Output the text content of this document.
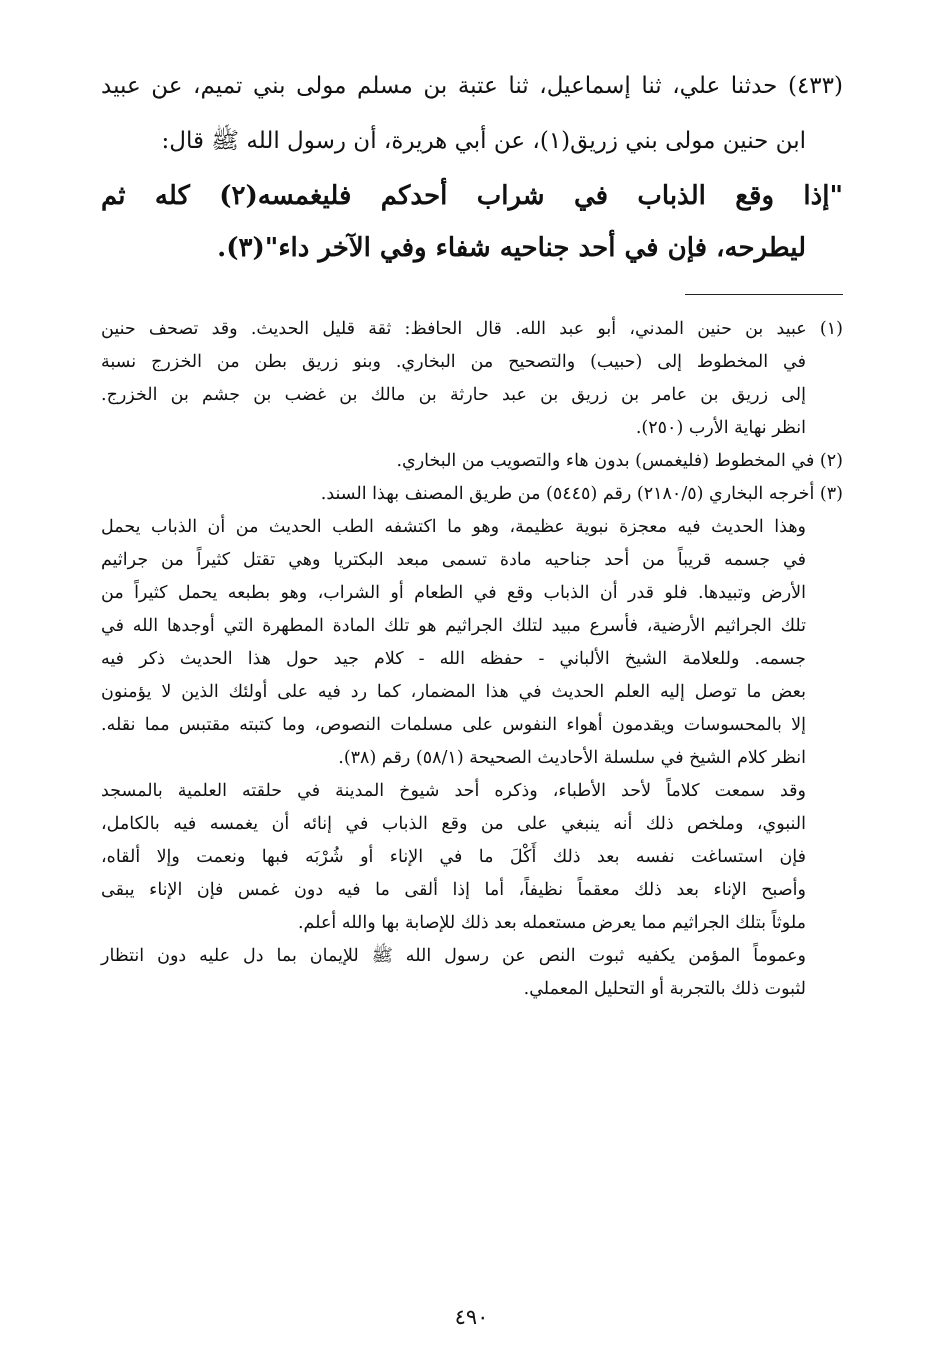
(٤٣٣) حدثنا علي، ثنا إسماعيل، ثنا عتبة بن مسلم مولى بني تميم، عن عبيد
ابن حنين مولى بني زريق(١)، عن أبي هريرة، أن رسول الله ﷺ قال:
"إذا وقع الذباب في شراب أحدكم فليغمسه(٢) كله ثم
ليطرحه، فإن في أحد جناحيه شفاء وفي الآخر داء"(٣).
(١) عبيد بن حنين المدني، أبو عبد الله. قال الحافظ: ثقة قليل الحديث. وقد تصحف حنين
في المخطوط إلى (حبيب) والتصحيح من البخاري. وبنو زريق بطن من الخزرج نسبة
إلى زريق بن عامر بن زريق بن عبد حارثة بن مالك بن غضب بن جشم بن الخزرج.
انظر نهاية الأرب (٢٥٠).
(٢) في المخطوط (فليغمس) بدون هاء والتصويب من البخاري.
(٣) أخرجه البخاري (٢١٨٠/٥) رقم (٥٤٤٥) من طريق المصنف بهذا السند.
وهذا الحديث فيه معجزة نبوية عظيمة، وهو ما اكتشفه الطب الحديث من أن الذباب يحمل
في جسمه قريباً من أحد جناحيه مادة تسمى مبعد البكتريا وهي تقتل كثيراً من جراثيم
الأرض وتبيدها. فلو قدر أن الذباب وقع في الطعام أو الشراب، وهو بطبعه يحمل كثيراً من
تلك الجراثيم الأرضية، فأسرع مبيد لتلك الجراثيم هو تلك المادة المطهرة التي أوجدها الله في
جسمه. وللعلامة الشيخ الألباني - حفظه الله - كلام جيد حول هذا الحديث ذكر فيه
بعض ما توصل إليه العلم الحديث في هذا المضمار، كما رد فيه على أولئك الذين لا يؤمنون
إلا بالمحسوسات ويقدمون أهواء النفوس على مسلمات النصوص، وما كتبته مقتبس مما نقله.
انظر كلام الشيخ في سلسلة الأحاديث الصحيحة (٥٨/١) رقم (٣٨).
وقد سمعت كلاماً لأحد الأطباء، وذكره أحد شيوخ المدينة في حلقته العلمية بالمسجد
النبوي، وملخص ذلك أنه ينبغي على من وقع الذباب في إنائه أن يغمسه فيه بالكامل،
فإن استساغت نفسه بعد ذلك أَكْلَ ما في الإناء أو شُرْبَه فبها ونعمت وإلا ألقاه،
وأصبح الإناء بعد ذلك معقماً نظيفاً، أما إذا ألقى ما فيه دون غمس فإن الإناء يبقى
ملوثاً بتلك الجراثيم مما يعرض مستعمله بعد ذلك للإصابة بها والله أعلم.
وعموماً المؤمن يكفيه ثبوت النص عن رسول الله ﷺ للإيمان بما دل عليه دون انتظار
لثبوت ذلك بالتجربة أو التحليل المعملي.
٤٩٠
